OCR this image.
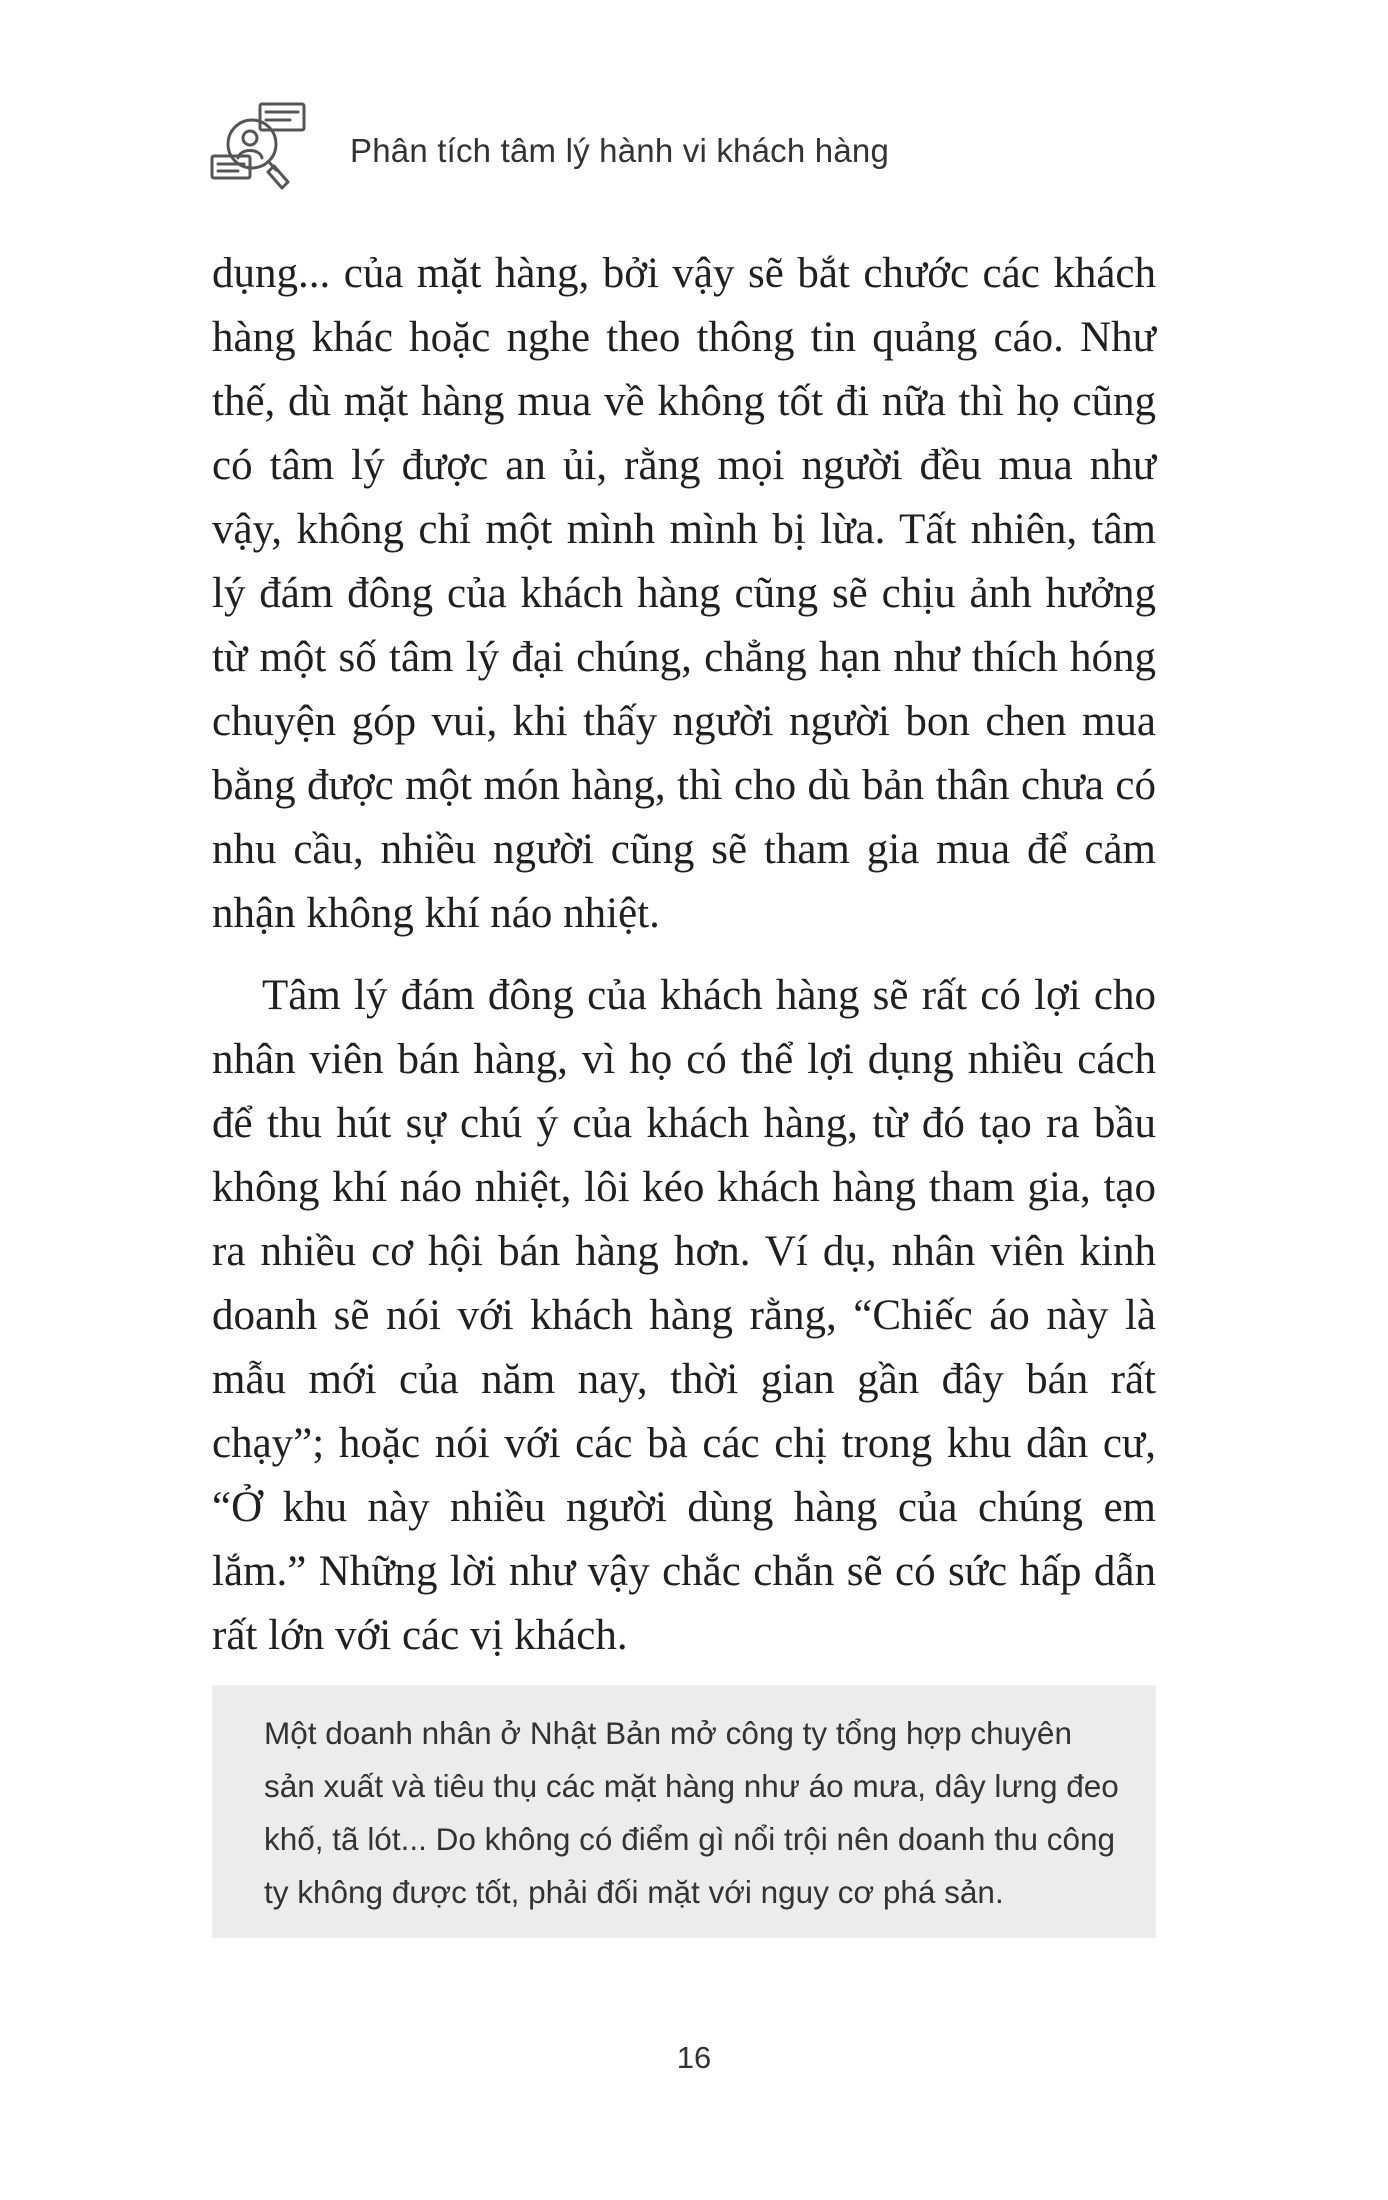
Phân tích tâm lý hành vi khách hàng

dụng... của mặt hàng, bởi vậy sẽ bắt chước các khách hàng khác hoặc nghe theo thông tin quảng cáo. Như thế, dù mặt hàng mua về không tốt đi nữa thì họ cũng có tâm lý được an ủi, rằng mọi người đều mua như vậy, không chỉ một mình mình bị lừa. Tất nhiên, tâm lý đám đông của khách hàng cũng sẽ chịu ảnh hưởng từ một số tâm lý đại chúng, chẳng hạn như thích hóng chuyện góp vui, khi thấy người người bon chen mua bằng được một món hàng, thì cho dù bản thân chưa có nhu cầu, nhiều người cũng sẽ tham gia mua để cảm nhận không khí náo nhiệt.

Tâm lý đám đông của khách hàng sẽ rất có lợi cho nhân viên bán hàng, vì họ có thể lợi dụng nhiều cách để thu hút sự chú ý của khách hàng, từ đó tạo ra bầu không khí náo nhiệt, lôi kéo khách hàng tham gia, tạo ra nhiều cơ hội bán hàng hơn. Ví dụ, nhân viên kinh doanh sẽ nói với khách hàng rằng, “Chiếc áo này là mẫu mới của năm nay, thời gian gần đây bán rất chạy”; hoặc nói với các bà các chị trong khu dân cư, “Ở khu này nhiều người dùng hàng của chúng em lắm.” Những lời như vậy chắc chắn sẽ có sức hấp dẫn rất lớn với các vị khách.

Một doanh nhân ở Nhật Bản mở công ty tổng hợp chuyên sản xuất và tiêu thụ các mặt hàng như áo mưa, dây lưng đeo khố, tã lót... Do không có điểm gì nổi trội nên doanh thu công ty không được tốt, phải đối mặt với nguy cơ phá sản.

16
